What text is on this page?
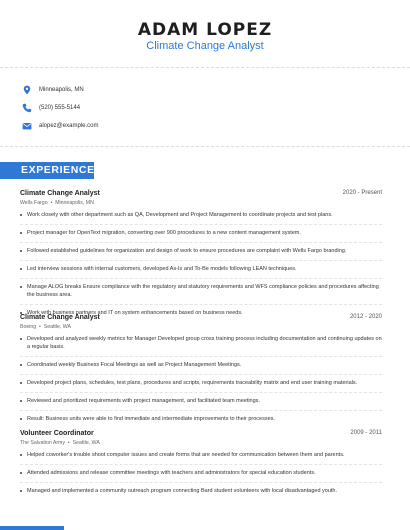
ADAM LOPEZ
Climate Change Analyst
Minneapolis, MN
(520) 555-5144
alopez@example.com
EXPERIENCE
Climate Change Analyst	2020 - Present
Wells Fargo  •  Minneapolis, MN
Work closely with other department such as QA, Development and Project Management to coordinate projects and test plans.
Project manager for OpenText migration, converting over 900 procedures to a new content management system.
Followed established guidelines for organization and design of work to ensure procedures are complaint with Wells Fargo branding.
Led interview sessions with internal customers, developed As-Is and To-Be models following LEAN techniques.
Manage ALOG breaks Ensure compliance with the regulatory and statutory requirements and WFS compliance policies and procedures affecting the business area.
Work with business partners and IT on system enhancements based on business needs.
Climate Change Analyst	2012 - 2020
Boeing  •  Seattle, WA
Developed and analyzed weekly metrics for Manager Developed group cross training process including documentation and continuing updates on a regular basis.
Coordinated weekly Business Focal Meetings as well as Project Management Meetings.
Developed project plans, schedules, test plans, procedures and scripts, requirements traceability matrix and end user training materials.
Reviewed and prioritized requirements with project management, and facilitated team meetings.
Result: Business units were able to find immediate and intermediate improvements to their processes.
Volunteer Coordinator	2009 - 2011
The Salvation Army  •  Seattle, WA
Helped coworker's trouble shoot computer issues and create forms that are needed for communication between them and parents.
Attended admissions and release committee meetings with teachers and administrators for special education students.
Managed and implemented a community outreach program connecting Bard student volunteers with local disadvantaged youth.
